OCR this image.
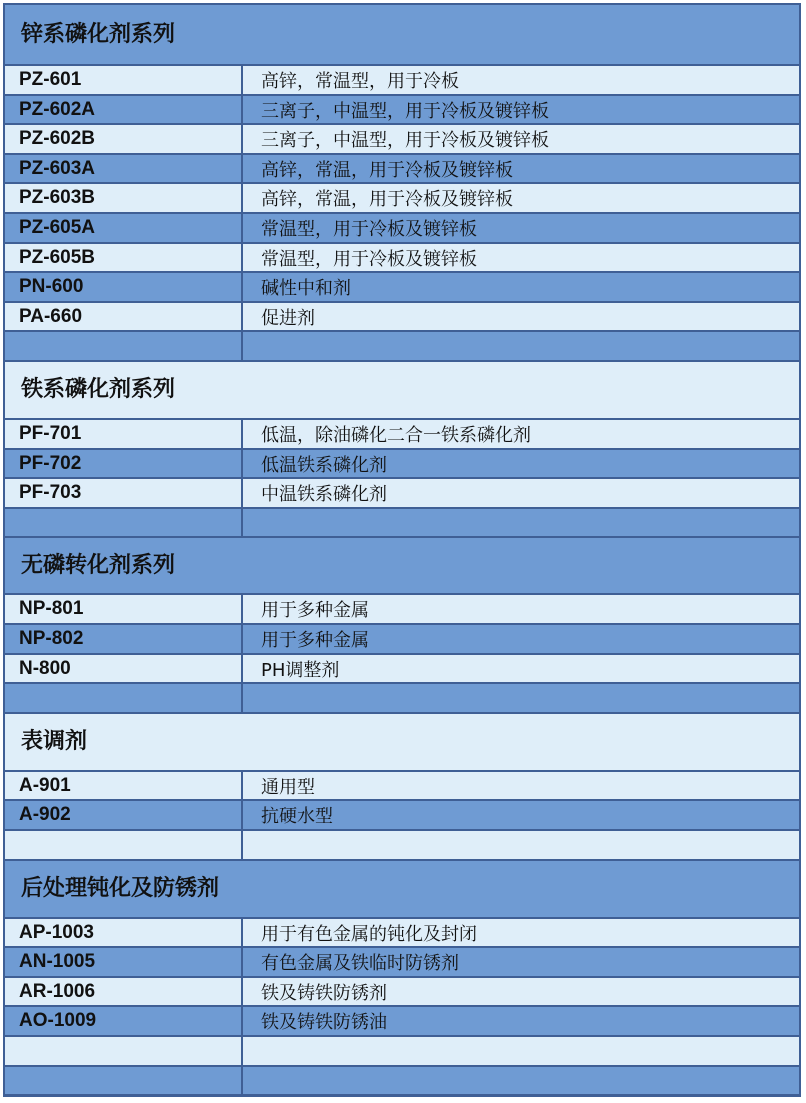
锌系磷化剂系列
PZ-601	高锌，常温型，用于冷板
PZ-602A	三离子，中温型，用于冷板及镀锌板
PZ-602B	三离子，中温型，用于冷板及镀锌板
PZ-603A	高锌，常温，用于冷板及镀锌板
PZ-603B	高锌，常温，用于冷板及镀锌板
PZ-605A	常温型，用于冷板及镀锌板
PZ-605B	常温型，用于冷板及镀锌板
PN-600	碱性中和剂
PA-660	促进剂
铁系磷化剂系列
PF-701	低温，除油磷化二合一铁系磷化剂
PF-702	低温铁系磷化剂
PF-703	中温铁系磷化剂
无磷转化剂系列
NP-801	用于多种金属
NP-802	用于多种金属
N-800	PH调整剂
表调剂
A-901	通用型
A-902	抗硬水型
后处理钝化及防锈剂
AP-1003	用于有色金属的钝化及封闭
AN-1005	有色金属及铁临时防锈剂
AR-1006	铁及铸铁防锈剂
AO-1009	铁及铸铁防锈油
